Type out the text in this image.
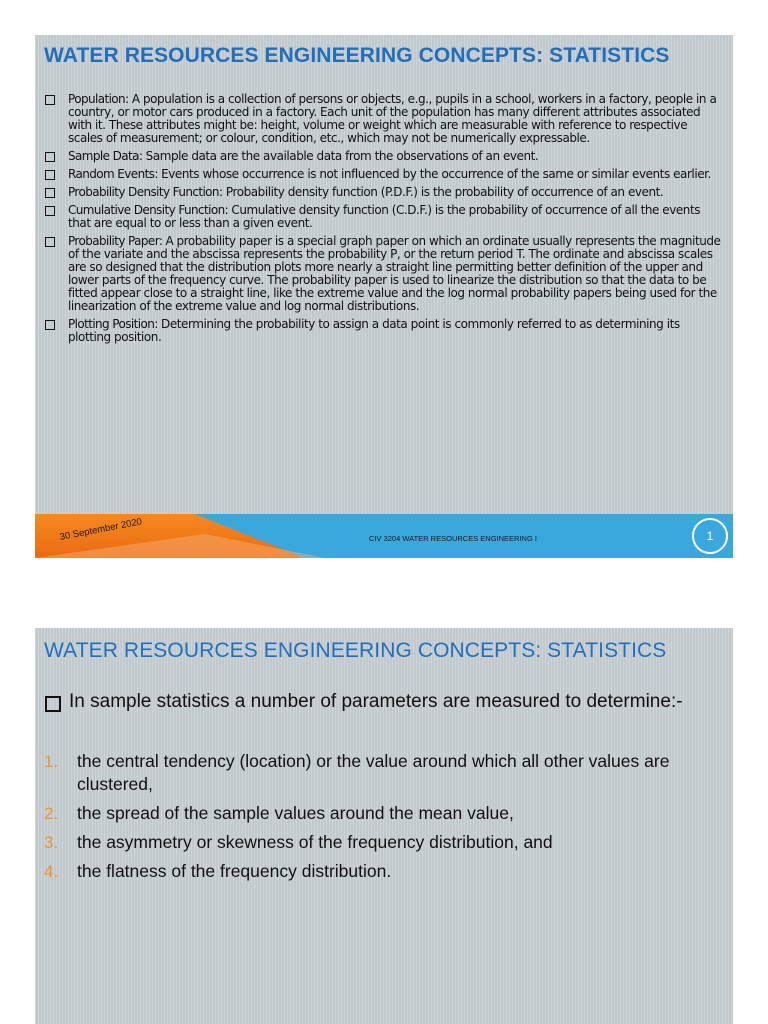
WATER RESOURCES ENGINEERING CONCEPTS: STATISTICS
Population: A population is a collection of persons or objects, e.g., pupils in a school, workers in a factory, people in a country, or motor cars produced in a factory. Each unit of the population has many different attributes associated with it. These attributes might be: height, volume or weight which are measurable with reference to respective scales of measurement; or colour, condition, etc., which may not be numerically expressable.
Sample Data: Sample data are the available data from the observations of an event.
Random Events: Events whose occurrence is not influenced by the occurrence of the same or similar events earlier.
Probability Density Function: Probability density function (P.D.F.) is the probability of occurrence of an event.
Cumulative Density Function: Cumulative density function (C.D.F.) is the probability of occurrence of all the events that are equal to or less than a given event.
Probability Paper: A probability paper is a special graph paper on which an ordinate usually represents the magnitude of the variate and the abscissa represents the probability P, or the return period T. The ordinate and abscissa scales are so designed that the distribution plots more nearly a straight line permitting better definition of the upper and lower parts of the frequency curve. The probability paper is used to linearize the distribution so that the data to be fitted appear close to a straight line, like the extreme value and the log normal probability papers being used for the linearization of the extreme value and log normal distributions.
Plotting Position: Determining the probability to assign a data point is commonly referred to as determining its plotting position.
30 September 2020	CIV 3204 WATER RESOURCES ENGINEERING I	1
WATER RESOURCES ENGINEERING CONCEPTS: STATISTICS

In sample statistics a number of parameters are measured to determine:-

1. the central tendency (location) or the value around which all other values are clustered,
2. the spread of the sample values around the mean value,
3. the asymmetry or skewness of the frequency distribution, and
4. the flatness of the frequency distribution.
